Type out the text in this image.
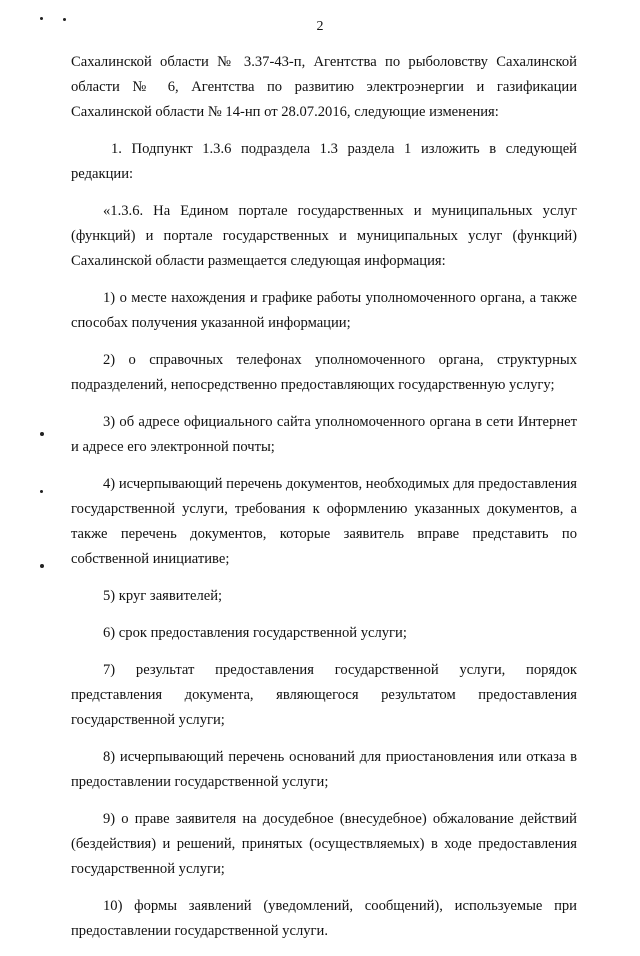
2

Сахалинской области № 3.37-43-п, Агентства по рыболовству Сахалинской области № 6, Агентства по развитию электроэнергии и газификации Сахалинской области № 14-нп от 28.07.2016, следующие изменения:

1. Подпункт 1.3.6 подраздела 1.3 раздела 1 изложить в следующей редакции:

«1.3.6. На Едином портале государственных и муниципальных услуг (функций) и портале государственных и муниципальных услуг (функций) Сахалинской области размещается следующая информация:

1) о месте нахождения и графике работы уполномоченного органа, а также способах получения указанной информации;

2) о справочных телефонах уполномоченного органа, структурных подразделений, непосредственно предоставляющих государственную услугу;

3) об адресе официального сайта уполномоченного органа в сети Интернет и адресе его электронной почты;

4) исчерпывающий перечень документов, необходимых для предоставления государственной услуги, требования к оформлению указанных документов, а также перечень документов, которые заявитель вправе представить по собственной инициативе;

5) круг заявителей;

6) срок предоставления государственной услуги;

7) результат предоставления государственной услуги, порядок представления документа, являющегося результатом предоставления государственной услуги;

8) исчерпывающий перечень оснований для приостановления или отказа в предоставлении государственной услуги;

9) о праве заявителя на досудебное (внесудебное) обжалование действий (бездействия) и решений, принятых (осуществляемых) в ходе предоставления государственной услуги;

10) формы заявлений (уведомлений, сообщений), используемые при предоставлении государственной услуги.
